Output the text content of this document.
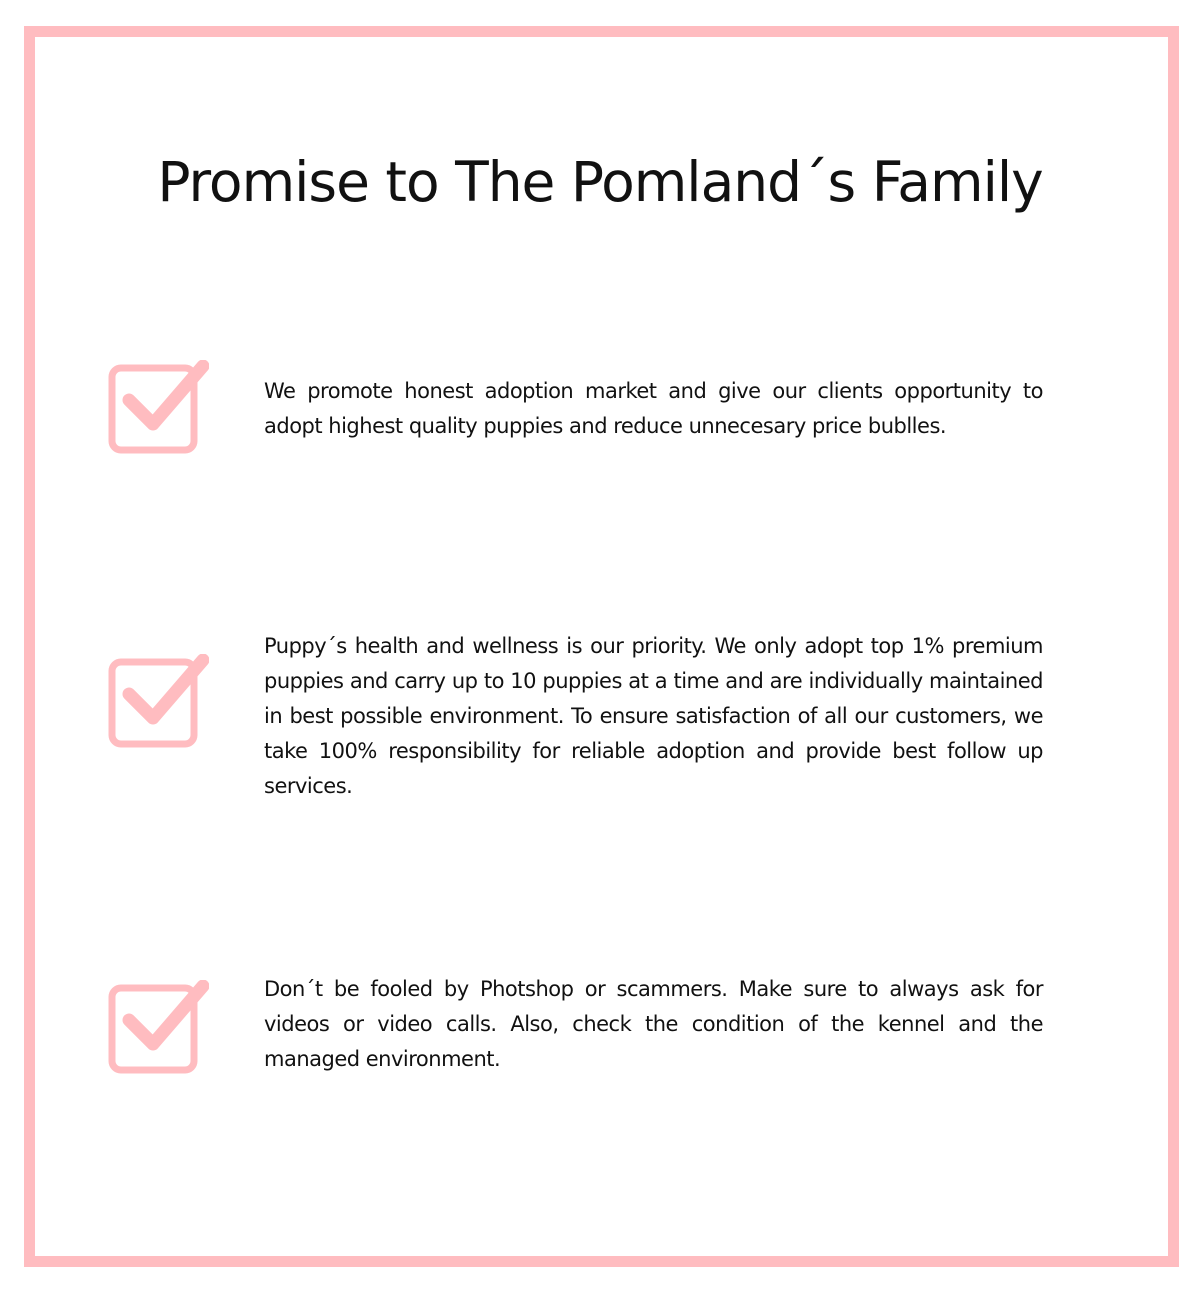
Promise to The Pomland´s Family

We promote honest adoption market and give our clients opportunity to adopt highest quality puppies and reduce unnecesary price bublles.

Puppy´s health and wellness is our priority. We only adopt top 1% premium puppies and carry up to 10 puppies at a time and are individually maintained in best possible environment. To ensure satisfaction of all our customers, we take 100% responsibility for reliable adoption and provide best follow up services.

Don´t be fooled by Photshop or scammers. Make sure to always ask for videos or video calls. Also, check the condition of the kennel and the managed environment.
